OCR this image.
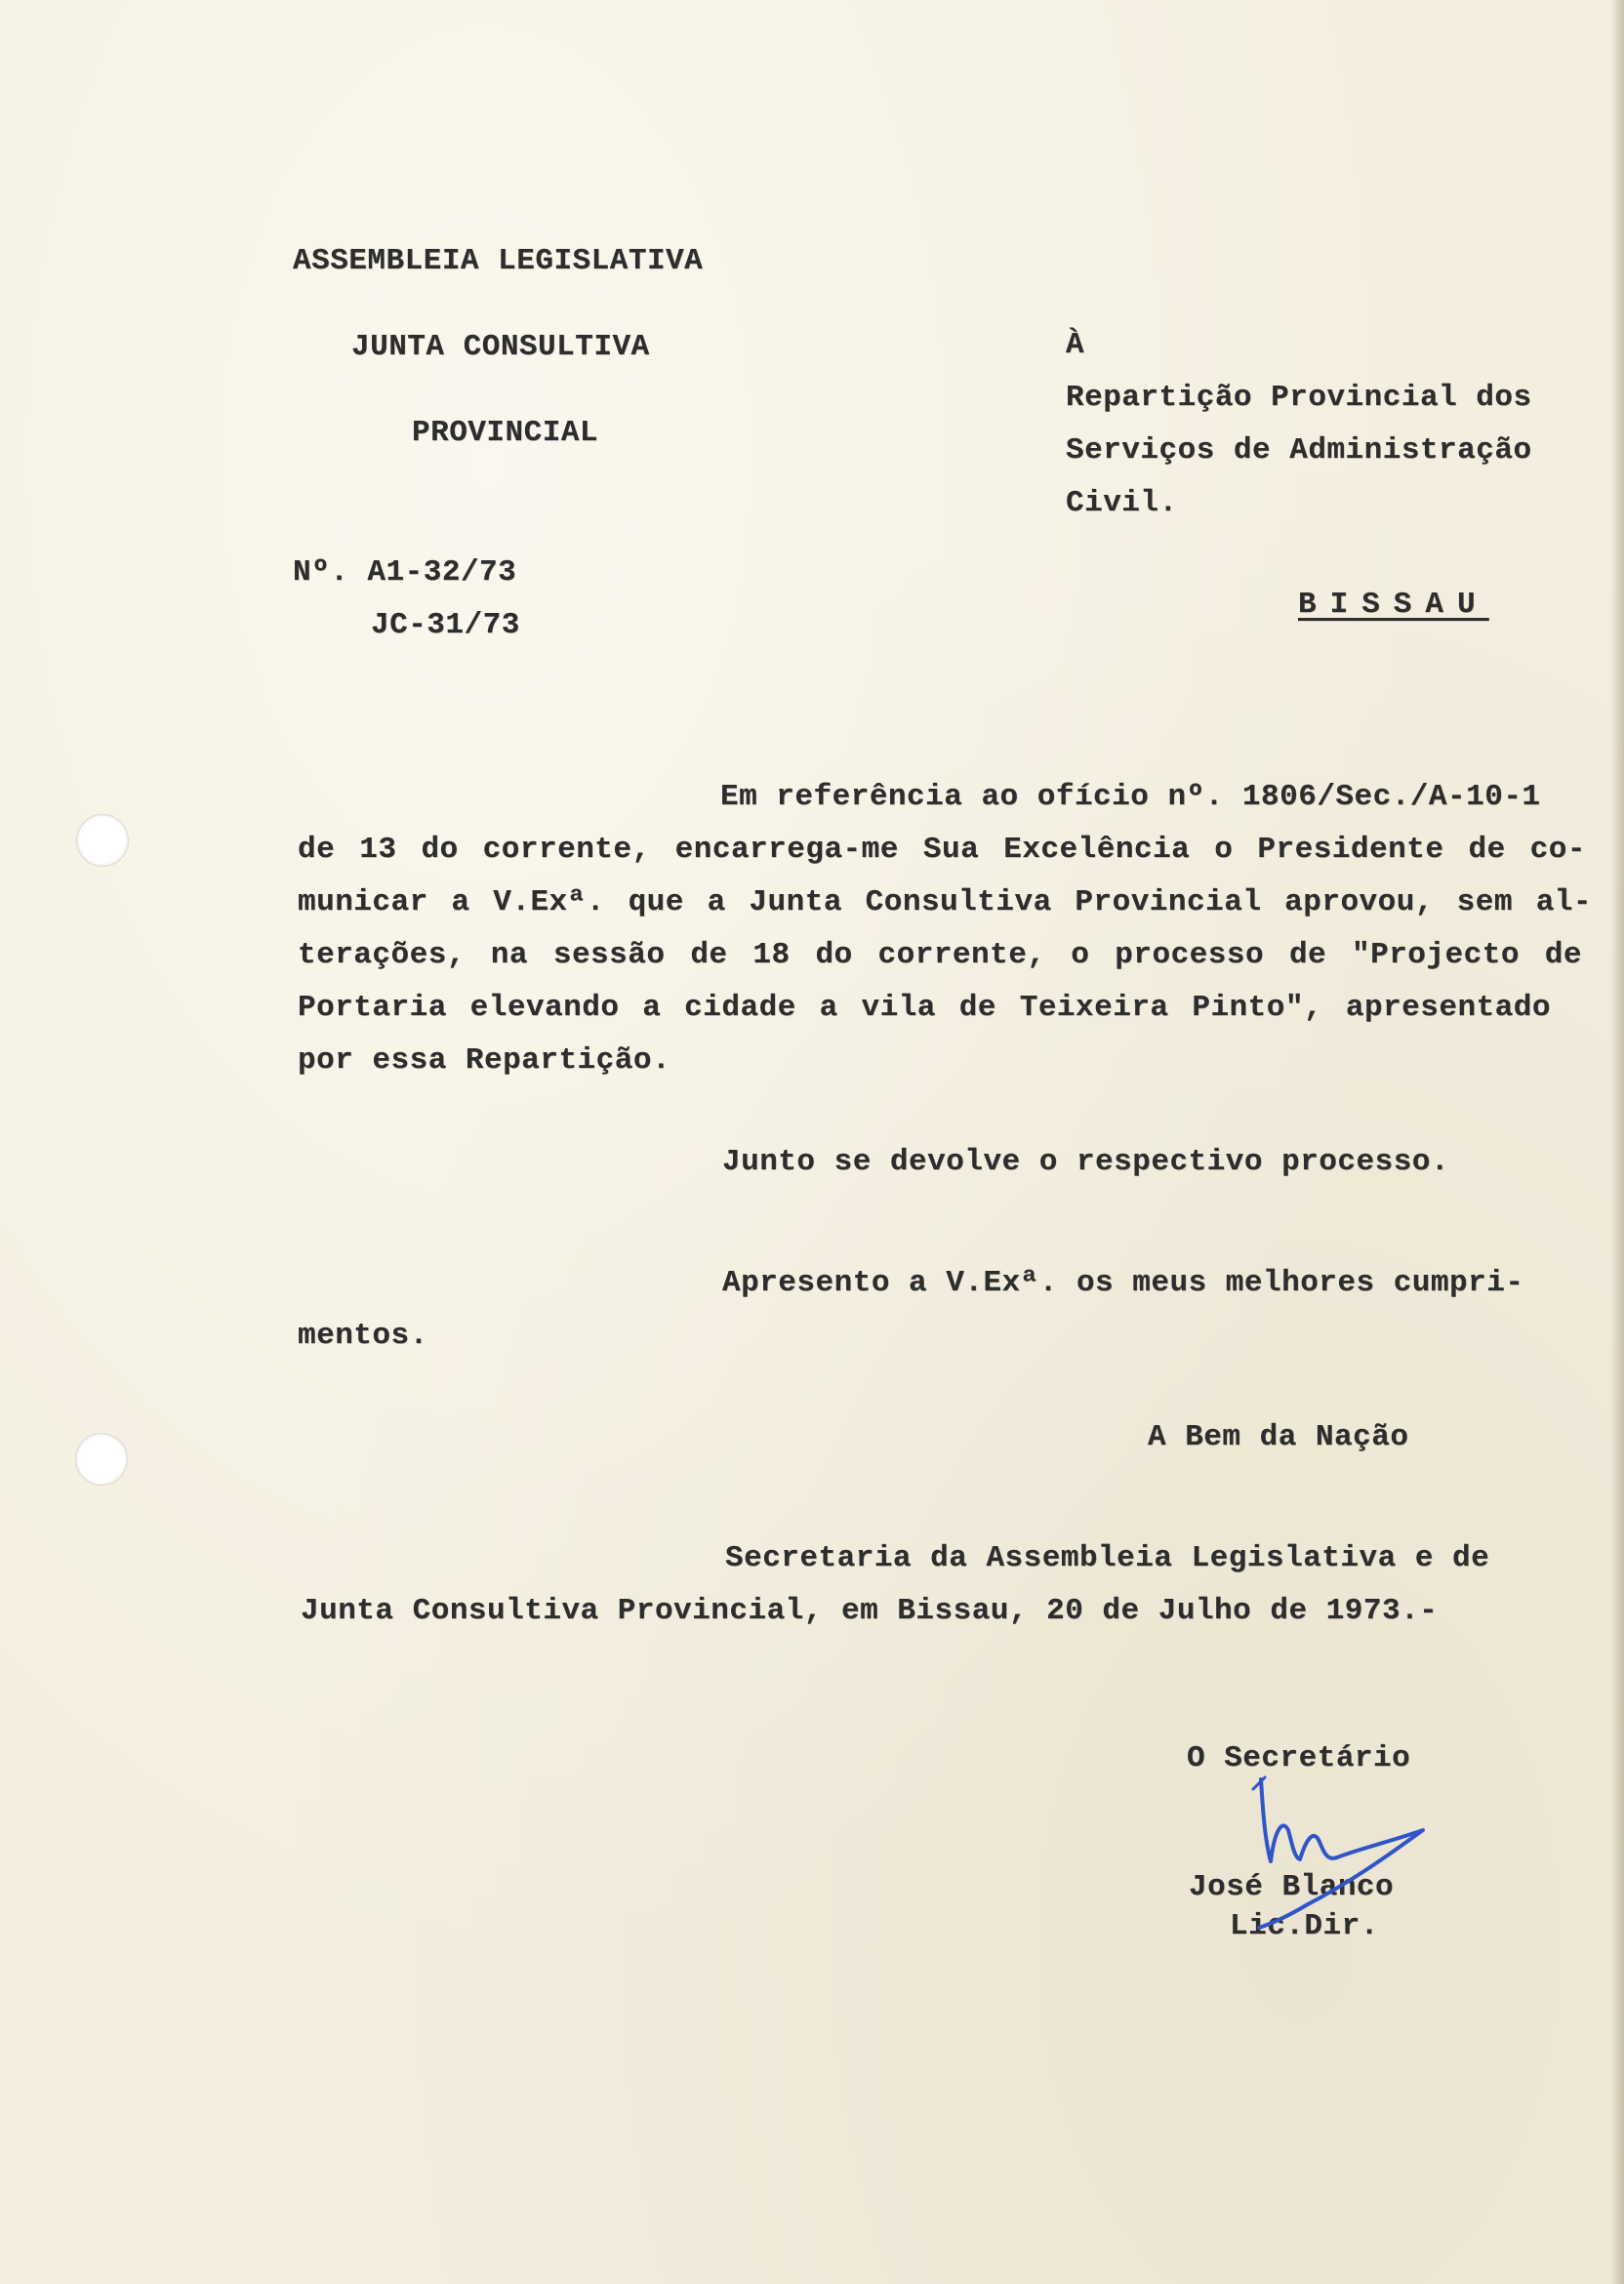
ASSEMBLEIA LEGISLATIVA
JUNTA CONSULTIVA
PROVINCIAL
Nº. A1-32/73
JC-31/73
À
Repartição Provincial dos
Serviços de Administração
Civil.
BISSAU
Em referência ao ofício nº. 1806/Sec./A-10-1
de 13 do corrente, encarrega-me Sua Excelência o Presidente de co-
municar a V.Exª. que a Junta Consultiva Provincial aprovou, sem al-
terações, na sessão de 18 do corrente, o processo de "Projecto de
Portaria elevando a cidade a vila de Teixeira Pinto", apresentado
por essa Repartição.
Junto se devolve o respectivo processo.
Apresento a V.Exª. os meus melhores cumpri-
mentos.
A Bem da Nação
Secretaria da Assembleia Legislativa e de
Junta Consultiva Provincial, em Bissau, 20 de Julho de 1973.-
O Secretário
José Blanco
Lic.Dir.
